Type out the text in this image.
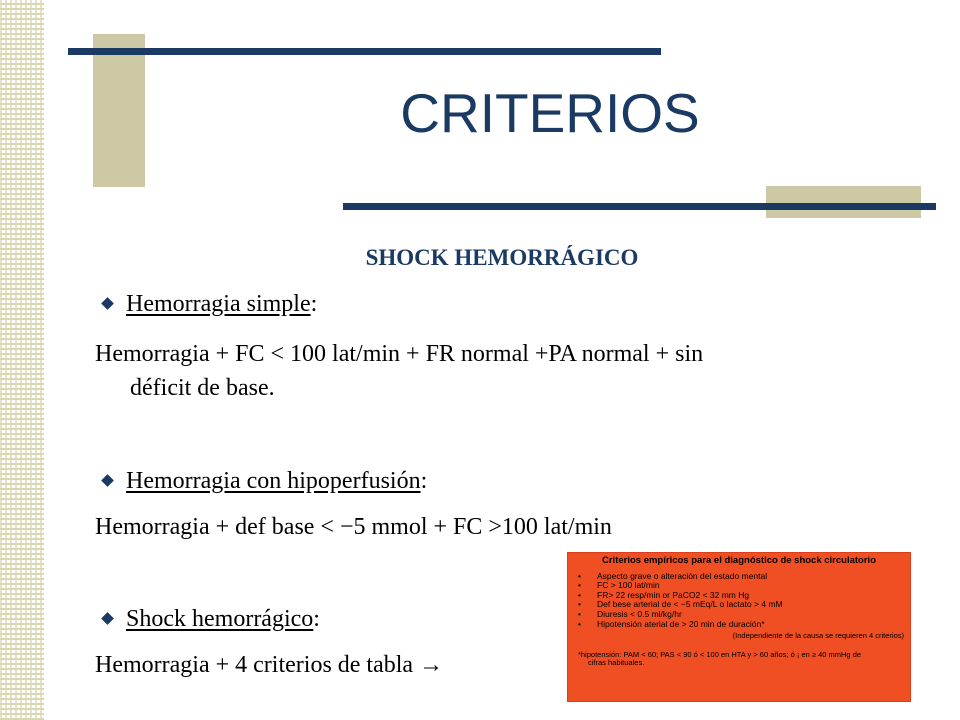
CRITERIOS
SHOCK HEMORRÁGICO
Hemorragia simple:
Hemorragia + FC < 100 lat/min + FR normal +PA normal + sin
déficit de base.
Hemorragia con hipoperfusión:
Hemorragia + def base < −5 mmol + FC >100 lat/min
Shock hemorrágico:
Hemorragia + 4 criterios de tabla →
Criterios empíricos para el diagnóstico de shock circulatorio
• Aspecto grave o alteración del estado mental
• FC > 100 lat/min
• FR> 22 resp/min or PaCO2 < 32 mm Hg
• Def bese arterial de < −5 mEq/L o lactato > 4 mM
• Diuresis < 0.5 ml/kg/hr
• Hipotensión aterial de > 20 min de duración*
(Independiente de la causa se requieren 4 criterios)
*hipotensión: PAM < 60; PAS < 90 ó < 100 en HTA y > 60 años; ó ¡ en ≥ 40 mmHg de
cifras habituales.
